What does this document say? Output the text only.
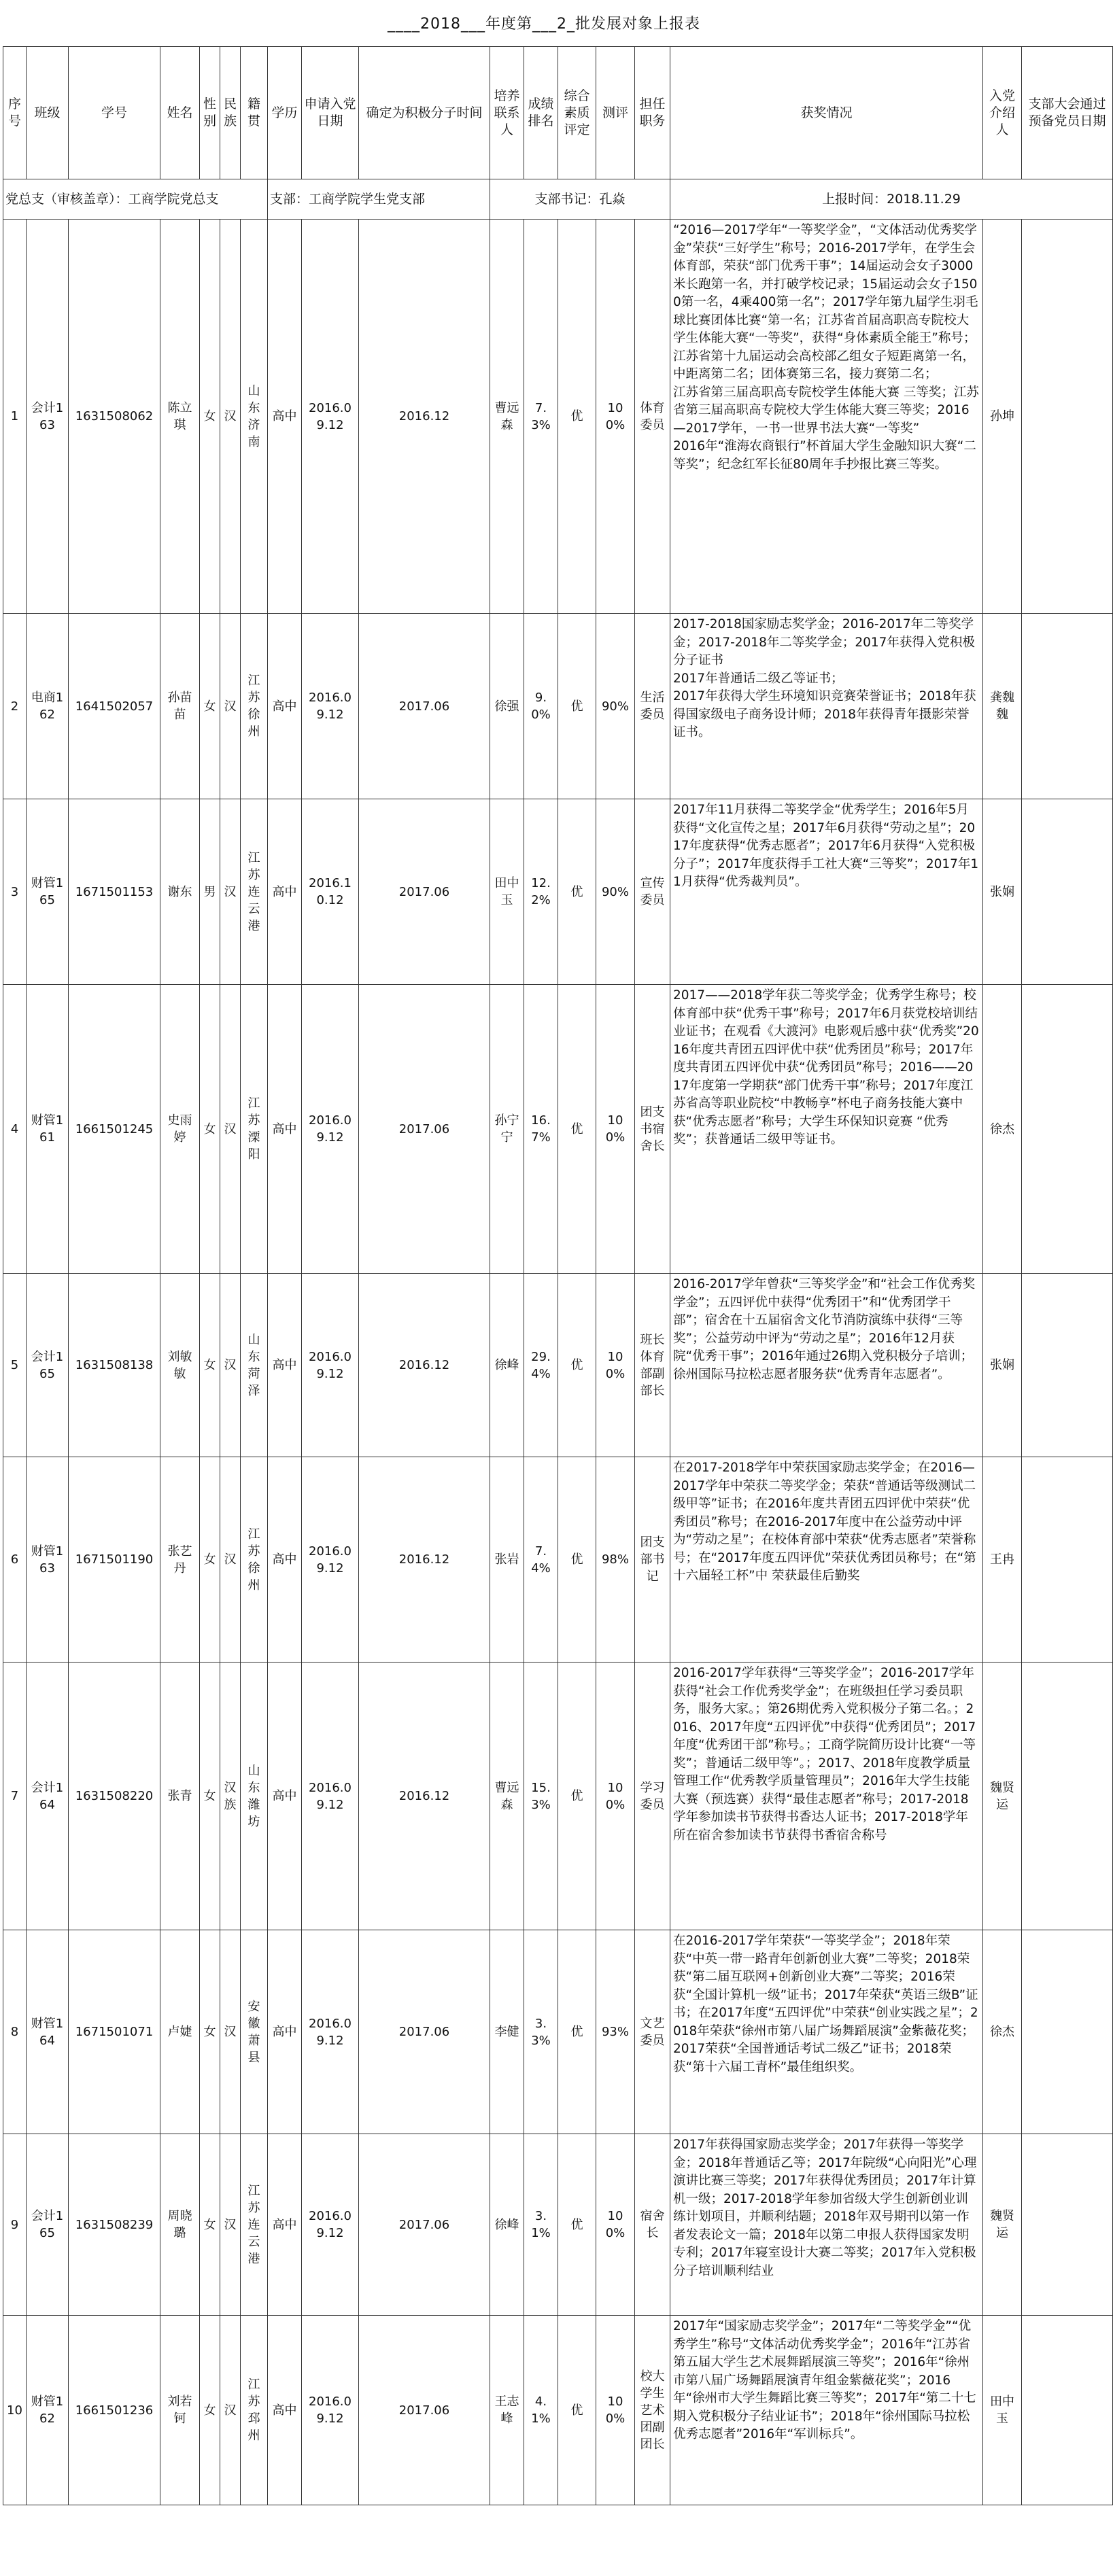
____2018___年度第___2_批发展对象上报表
党总支（审核盖章）：工商学院党总支							支部：工商学院学生党支部			支部书记：孔焱					上报时间：2018.11.29		
序号	班级	学号	姓名	性别	民族	籍贯	学历	申请入党日期	确定为积极分子时间	培养联系人	成绩排名	综合素质评定	测评	担任职务	获奖情况	入党介绍人	支部大会通过预备党员日期
1	会计163	1631508062	陈立琪	女	汉	山东济南	高中	2016.09.12	2016.12	曹远森	7.3%	优	100%	体育委员	“2016—2017学年“一等奖学金”，“文体活动优秀奖学金”荣获“三好学生”称号；2016-2017学年，在学生会体育部，荣获“部门优秀干事”；14届运动会女子3000米长跑第一名，并打破学校记录；15届运动会女子1500第一名，4乘400第一名”；2017学年第九届学生羽毛球比赛团体比赛“第一名；江苏省首届高职高专院校大学生体能大赛“一等奖”，获得“身体素质全能王”称号；江苏省第十九届运动会高校部乙组女子短距离第一名，中距离第二名；团体赛第三名，接力赛第二名；
江苏省第三届高职高专院校学生体能大赛 三等奖；江苏省第三届高职高专院校大学生体能大赛三等奖；2016—2017学年，一书一世界书法大赛“一等奖”
2016年“淮海农商银行”杯首届大学生金融知识大赛“二等奖”；纪念红军长征80周年手抄报比赛三等奖。	孙坤	
2	电商162	1641502057	孙苗苗	女	汉	江苏徐州	高中	2016.09.12	2017.06	徐强	9.0%	优	90%	生活委员	2017-2018国家励志奖学金；2016-2017年二等奖学金；2017-2018年二等奖学金；2017年获得入党积极分子证书
2017年普通话二级乙等证书；
2017年获得大学生环境知识竞赛荣誉证书；2018年获得国家级电子商务设计师；2018年获得青年摄影荣誉证书。	龚魏魏	
3	财管165	1671501153	谢东	男	汉	江苏连云港	高中	2016.10.12	2017.06	田中玉	12.2%	优	90%	宣传委员	2017年11月获得二等奖学金“优秀学生；2016年5月获得“文化宣传之星；2017年6月获得“劳动之星”；2017年度获得“优秀志愿者”；2017年6月获得“入党积极分子”；2017年度获得手工社大赛“三等奖”；2017年11月获得“优秀裁判员”。	张娴	
4	财管161	1661501245	史雨婷	女	汉	江苏溧阳	高中	2016.09.12	2017.06	孙宁宁	16.7%	优	100%	团支书宿舍长	2017——2018学年获二等奖学金；优秀学生称号；校体育部中获“优秀干事”称号；2017年6月获党校培训结业证书；在观看《大渡河》电影观后感中获“优秀奖”2016年度共青团五四评优中获“优秀团员”称号；2017年度共青团五四评优中获“优秀团员”称号；2016——2017年度第一学期获“部门优秀干事”称号；2017年度江苏省高等职业院校“中教畅享”杯电子商务技能大赛中获“优秀志愿者”称号；大学生环保知识竞赛 “优秀奖”；获普通话二级甲等证书。	徐杰	
5	会计165	1631508138	刘敏敏	女	汉	山东菏泽	高中	2016.09.12	2016.12	徐峰	29.4%	优	100%	班长体育部副部长	2016-2017学年曾获“三等奖学金”和“社会工作优秀奖学金”；五四评优中获得“优秀团干”和“优秀团学干部”；宿舍在十五届宿舍文化节消防演练中获得“三等奖”；公益劳动中评为“劳动之星”；2016年12月获院“优秀干事”；2016年通过26期入党积极分子培训；徐州国际马拉松志愿者服务获“优秀青年志愿者”。	张娴	
6	财管163	1671501190	张艺丹	女	汉	江苏徐州	高中	2016.09.12	2016.12	张岩	7.4%	优	98%	团支部书记	在2017-2018学年中荣获国家励志奖学金；在2016—2017学年中荣获二等奖学金；荣获“普通话等级测试二级甲等”证书；在2016年度共青团五四评优中荣获“优秀团员”称号；在2016-2017年度中在公益劳动中评为“劳动之星”；在校体育部中荣获“优秀志愿者”荣誉称号；在“2017年度五四评优”荣获优秀团员称号；在“第十六届轻工杯”中 荣获最佳后勤奖	王冉	
7	会计164	1631508220	张青	女	汉族	山东潍坊	高中	2016.09.12	2016.12	曹远森	15.3%	优	100%	学习委员	2016-2017学年获得“三等奖学金”；2016-2017学年获得“社会工作优秀奖学金”；在班级担任学习委员职务，服务大家。；第26期优秀入党积极分子第二名。；2016、2017年度“五四评优”中获得“优秀团员”；2017年度“优秀团干部”称号。；工商学院简历设计比赛“一等奖”；普通话二级甲等”。；2017、2018年度教学质量管理工作“优秀教学质量管理员”；2016年大学生技能大赛（预选赛）获得“最佳志愿者”称号；2017-2018学年参加读书节获得书香达人证书；2017-2018学年所在宿舍参加读书节获得书香宿舍称号	魏贤运	
8	财管164	1671501071	卢婕	女	汉	安徽萧县	高中	2016.09.12	2017.06	李健	3.3%	优	93%	文艺委员	在2016-2017学年荣获“一等奖学金”；2018年荣获“中英一带一路青年创新创业大赛”二等奖；2018荣获“第二届互联网+创新创业大赛”二等奖；2016荣获“全国计算机一级”证书；2017年荣获“英语三级B”证书；在2017年度“五四评优”中荣获“创业实践之星”；2018年荣获“徐州市第八届广场舞蹈展演”金紫薇花奖；2017荣获“全国普通话考试二级乙”证书；2018荣获“第十六届工青杯”最佳组织奖。	徐杰	
9	会计165	1631508239	周晓璐	女	汉	江苏连云港	高中	2016.09.12	2017.06	徐峰	3.1%	优	100%	宿舍长	2017年获得国家励志奖学金；2017年获得一等奖学金；2018年普通话乙等；2017年院级“心向阳光”心理演讲比赛三等奖；2017年获得优秀团员；2017年计算机一级；2017-2018学年参加省级大学生创新创业训练计划项目，并顺利结题；2018年双号期刊以第一作者发表论文一篇；2018年以第二申报人获得国家发明专利；2017年寝室设计大赛二等奖；2017年入党积极分子培训顺利结业	魏贤运	
10	财管162	1661501236	刘若钶	女	汉	江苏邳州	高中	2016.09.12	2017.06	王志峰	4.1%	优	100%	校大学生艺术团副团长	2017年“国家励志奖学金”；2017年“二等奖学金”“优秀学生”称号“文体活动优秀奖学金”；2016年“江苏省第五届大学生艺术展舞蹈展演三等奖”；2016年“徐州市第八届广场舞蹈展演青年组金紫薇花奖”；2016年“徐州市大学生舞蹈比赛三等奖”；2017年“第二十七期入党积极分子结业证书”；2018年“徐州国际马拉松优秀志愿者”2016年“军训标兵”。	田中玉	
